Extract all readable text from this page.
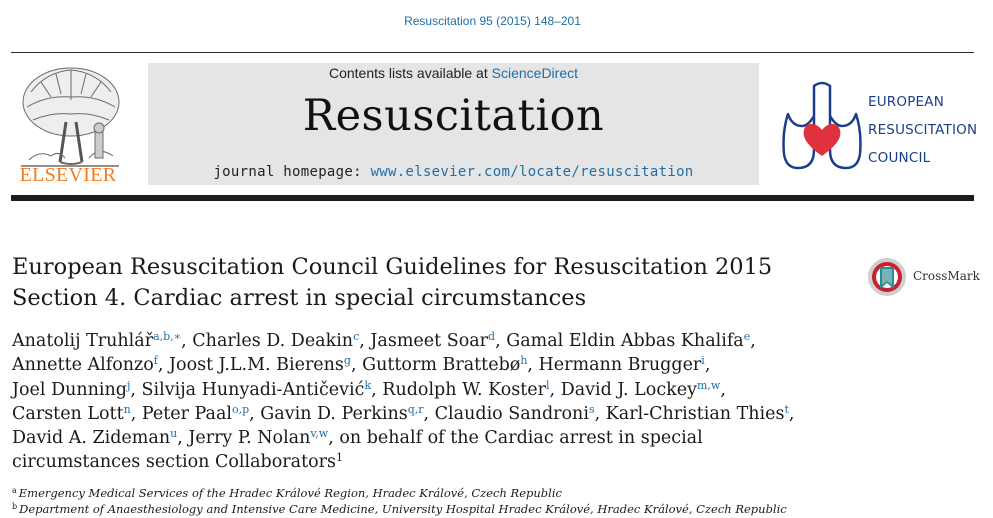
Resuscitation 95 (2015) 148–201
ELSEVIER
Contents lists available at ScienceDirect
Resuscitation
journal homepage: www.elsevier.com/locate/resuscitation
EUROPEAN
RESUSCITATION
COUNCIL
CrossMark
European Resuscitation Council Guidelines for Resuscitation 2015
Section 4. Cardiac arrest in special circumstances
Anatolij Truhlář$^{a,b,∗}$, Charles D. Deakin$^c$, Jasmeet Soar$^d$, Gamal Eldin Abbas Khalifa$^e$,
Annette Alfonzo$^f$, Joost J.L.M. Bierens$^g$, Guttorm Brattebø$^h$, Hermann Brugger$^i$,
Joel Dunning$^j$, Silvija Hunyadi-Antičević$^k$, Rudolph W. Koster$^l$, David J. Lockey$^{m,w}$,
Carsten Lott$^n$, Peter Paal$^{o,p}$, Gavin D. Perkins$^{q,r}$, Claudio Sandroni$^s$, Karl-Christian Thies$^t$,
David A. Zideman$^u$, Jerry P. Nolan$^{v,w}$, on behalf of the Cardiac arrest in special
circumstances section Collaborators$^1$
$^a$ Emergency Medical Services of the Hradec Králové Region, Hradec Králové, Czech Republic
$^b$ Department of Anaesthesiology and Intensive Care Medicine, University Hospital Hradec Králové, Hradec Králové, Czech Republic
